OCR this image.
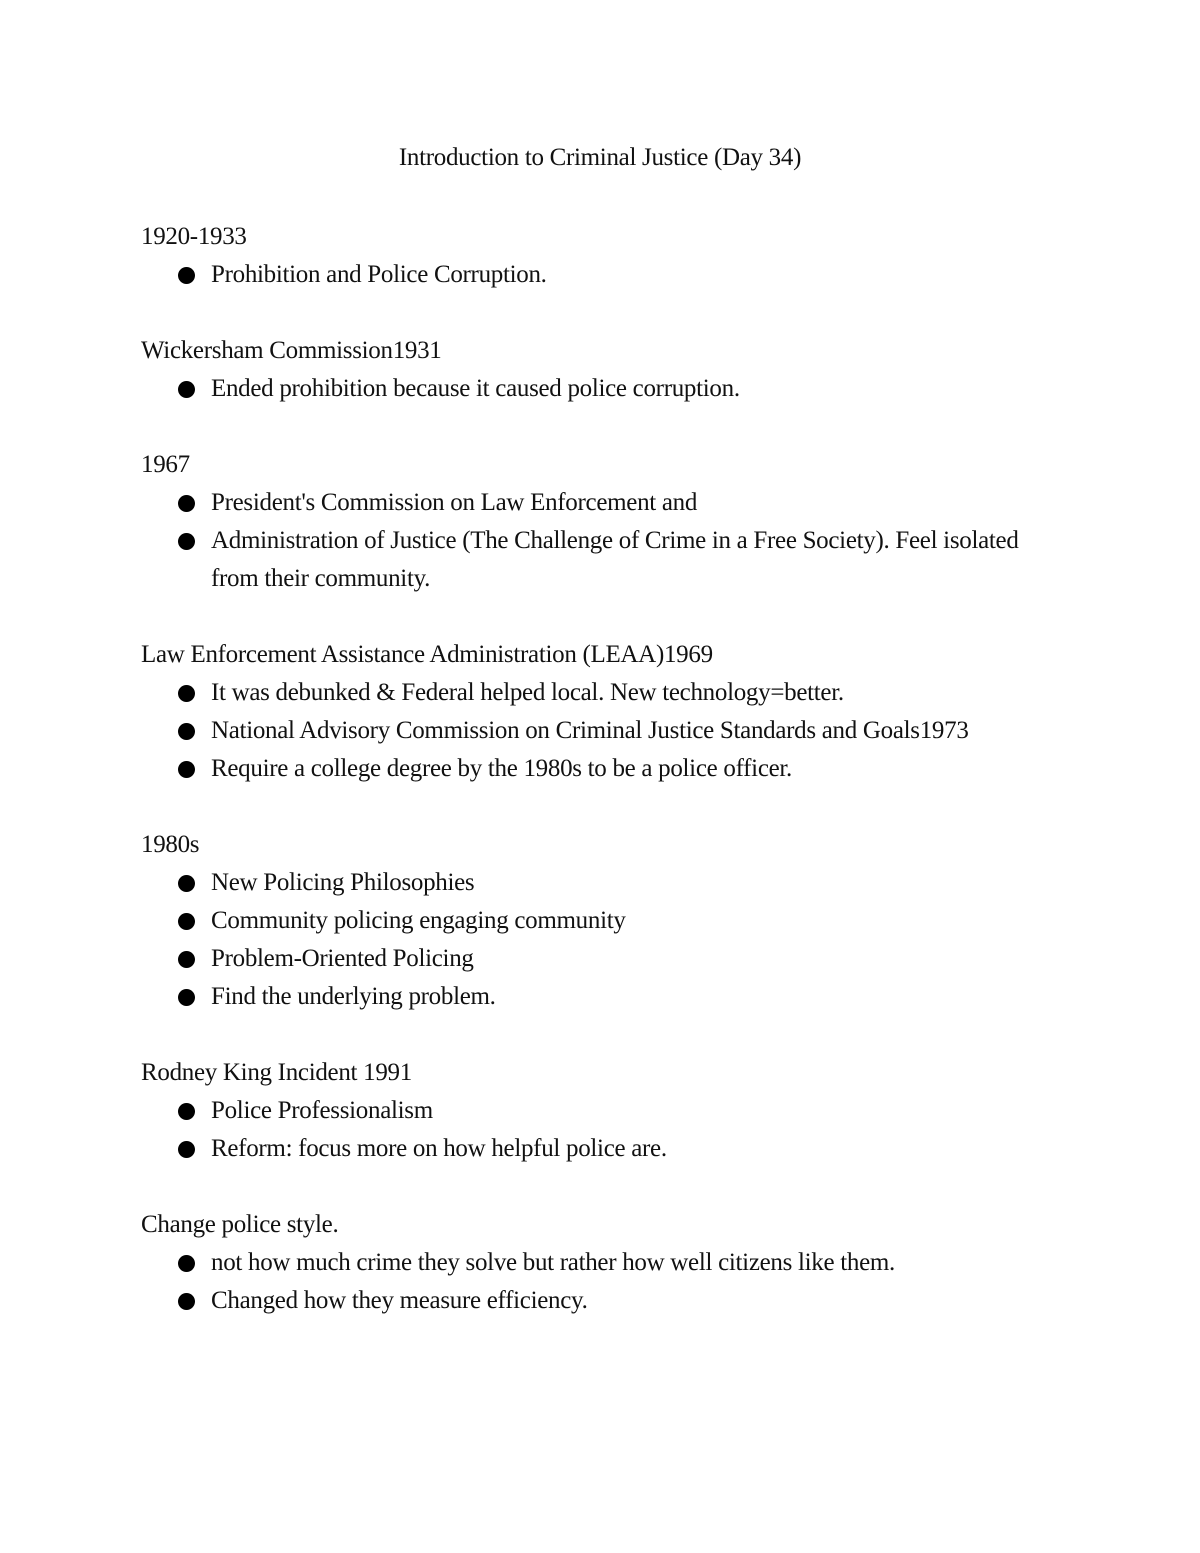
Introduction to Criminal Justice (Day 34)
1920-1933
Prohibition and Police Corruption.
Wickersham Commission1931
Ended prohibition because it caused police corruption.
1967
President's Commission on Law Enforcement and
Administration of Justice (The Challenge of Crime in a Free Society). Feel isolated from their community.
Law Enforcement Assistance Administration (LEAA)1969
It was debunked & Federal helped local. New technology=better.
National Advisory Commission on Criminal Justice Standards and Goals1973
Require a college degree by the 1980s to be a police officer.
1980s
New Policing Philosophies
Community policing engaging community
Problem-Oriented Policing
Find the underlying problem.
Rodney King Incident 1991
Police Professionalism
Reform: focus more on how helpful police are.
Change police style.
not how much crime they solve but rather how well citizens like them.
Changed how they measure efficiency.
